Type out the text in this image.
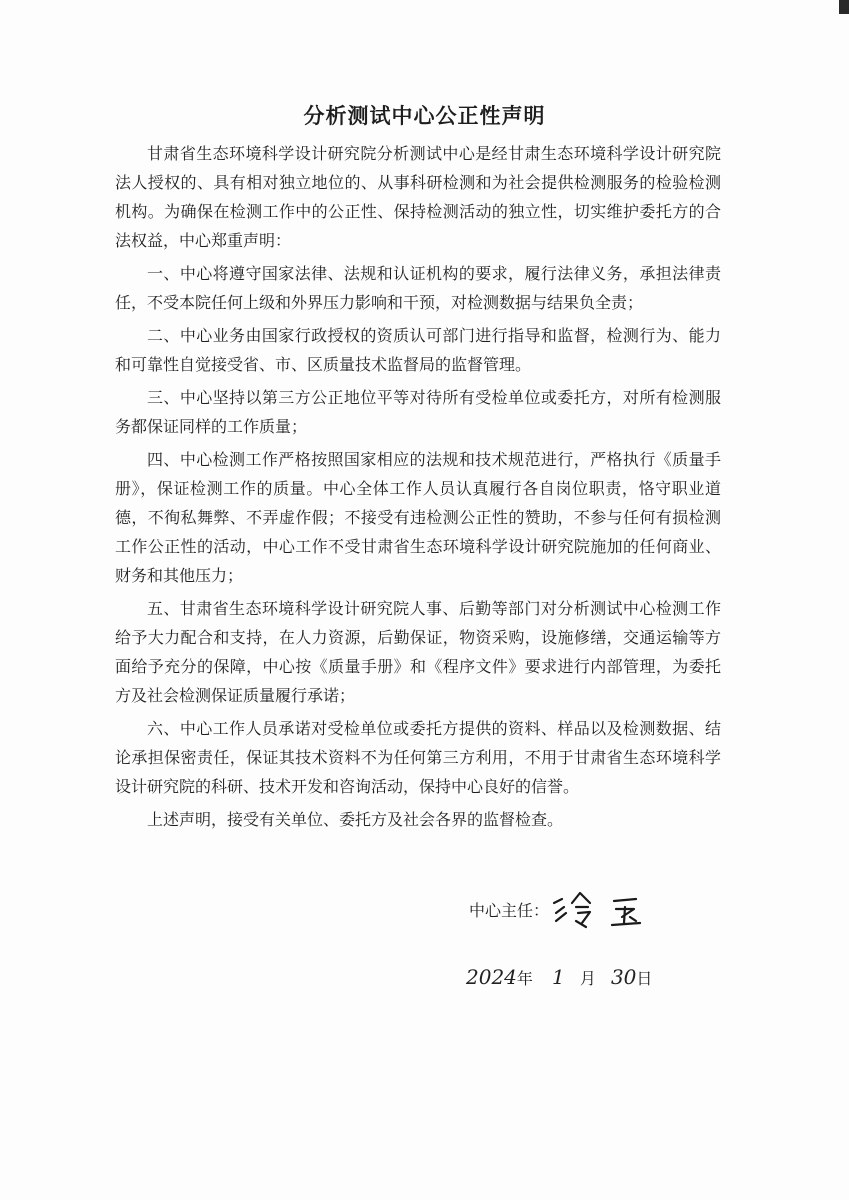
分析测试中心公正性声明

甘肃省生态环境科学设计研究院分析测试中心是经甘肃生态环境科学设计研究院法人授权的、具有相对独立地位的、从事科研检测和为社会提供检测服务的检验检测机构。为确保在检测工作中的公正性、保持检测活动的独立性，切实维护委托方的合法权益，中心郑重声明：

一、中心将遵守国家法律、法规和认证机构的要求，履行法律义务，承担法律责任，不受本院任何上级和外界压力影响和干预，对检测数据与结果负全责；

二、中心业务由国家行政授权的资质认可部门进行指导和监督，检测行为、能力和可靠性自觉接受省、市、区质量技术监督局的监督管理。

三、中心坚持以第三方公正地位平等对待所有受检单位或委托方，对所有检测服务都保证同样的工作质量；

四、中心检测工作严格按照国家相应的法规和技术规范进行，严格执行《质量手册》，保证检测工作的质量。中心全体工作人员认真履行各自岗位职责，恪守职业道德，不徇私舞弊、不弄虚作假；不接受有违检测公正性的赞助，不参与任何有损检测工作公正性的活动，中心工作不受甘肃省生态环境科学设计研究院施加的任何商业、财务和其他压力；

五、甘肃省生态环境科学设计研究院人事、后勤等部门对分析测试中心检测工作给予大力配合和支持，在人力资源，后勤保证，物资采购，设施修缮，交通运输等方面给予充分的保障，中心按《质量手册》和《程序文件》要求进行内部管理，为委托方及社会检测保证质量履行承诺；

六、中心工作人员承诺对受检单位或委托方提供的资料、样品以及检测数据、结论承担保密责任，保证其技术资料不为任何第三方利用，不用于甘肃省生态环境科学设计研究院的科研、技术开发和咨询活动，保持中心良好的信誉。

上述声明，接受有关单位、委托方及社会各界的监督检查。

中心主任：
2024年 1 月 30日
